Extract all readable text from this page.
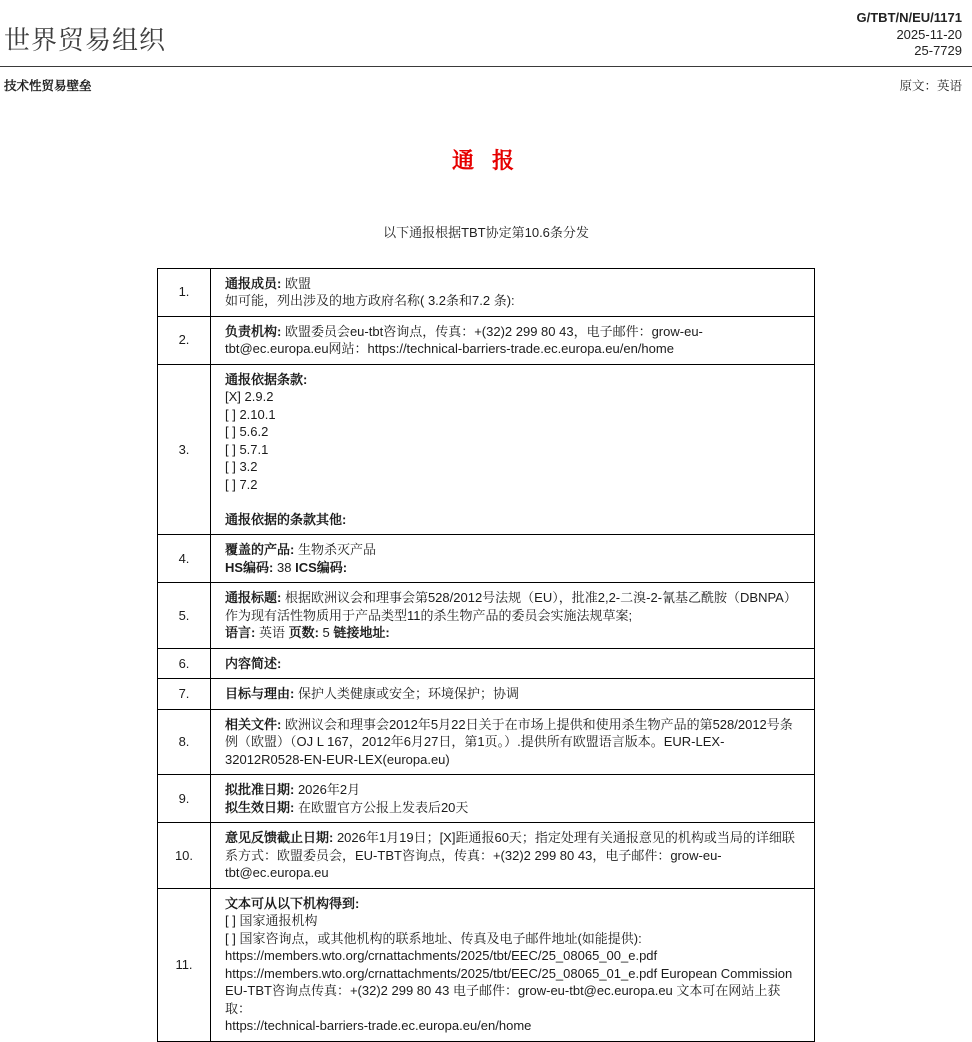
世界贸易组织
G/TBT/N/EU/1171
2025-11-20
25-7729
技术性贸易壁垒	原文：英语
通 报

以下通报根据TBT协定第10.6条分发

1.	通报成员: 欧盟
如可能，列出涉及的地方政府名称( 3.2条和7.2 条):

2.	负责机构: 欧盟委员会eu-tbt咨询点，传真：+(32)2 299 80 43，电子邮件：grow-eu-tbt@ec.europa.eu网站：https://technical-barriers-trade.ec.europa.eu/en/home

3.	
通报依据条款:
[X] 2.9.2
[ ] 2.10.1
[ ] 5.6.2
[ ] 5.7.1
[ ] 3.2
[ ] 7.2

通报依据的条款其他:

4.	覆盖的产品: 生物杀灭产品
HS编码: 38 ICS编码:

5.	通报标题: 根据欧洲议会和理事会第528/2012号法规（EU），批准2,2-二溴-2-氰基乙酰胺（DBNPA）作为现有活性物质用于产品类型11的杀生物产品的委员会实施法规草案;
语言: 英语 页数: 5 链接地址:

6.	内容简述:

7.	目标与理由: 保护人类健康或安全；环境保护；协调

8.	相关文件: 欧洲议会和理事会2012年5月22日关于在市场上提供和使用杀生物产品的第528/2012号条例（欧盟）（OJ L 167，2012年6月27日，第1页。）.提供所有欧盟语言版本。EUR-LEX-32012R0528-EN-EUR-LEX(europa.eu)

9.	拟批准日期: 2026年2月
拟生效日期: 在欧盟官方公报上发表后20天

10.	意见反馈截止日期: 2026年1月19日；[X]距通报60天；指定处理有关通报意见的机构或当局的详细联系方式：欧盟委员会，EU-TBT咨询点，传真：+(32)2 299 80 43，电子邮件：grow-eu-tbt@ec.europa.eu

11.	
文本可从以下机构得到:
[ ] 国家通报机构
[ ] 国家咨询点，或其他机构的联系地址、传真及电子邮件地址(如能提供):
https://members.wto.org/crnattachments/2025/tbt/EEC/25_08065_00_e.pdf
https://members.wto.org/crnattachments/2025/tbt/EEC/25_08065_01_e.pdf European Commission
EU-TBT咨询点传真：+(32)2 299 80 43 电子邮件：grow-eu-tbt@ec.europa.eu 文本可在网站上获取：
https://technical-barriers-trade.ec.europa.eu/en/home
